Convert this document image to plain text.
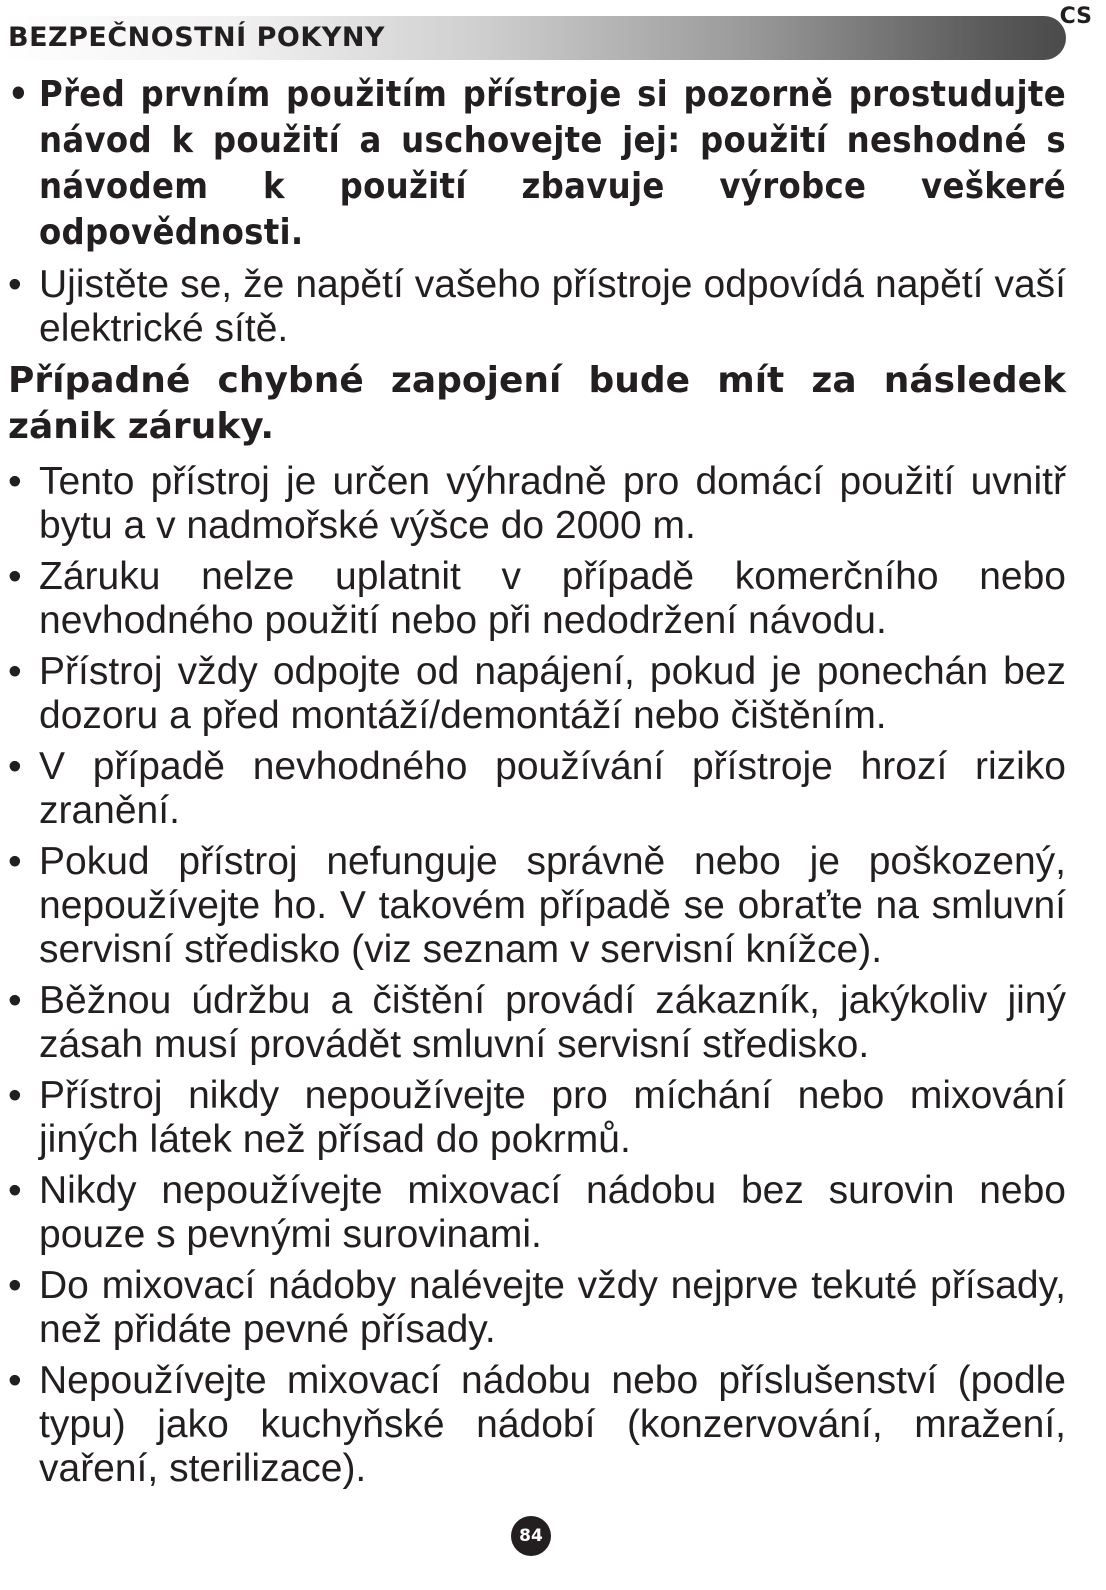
BEZPEČNOSTNÍ POKYNY
CS
• Před prvním použitím přístroje si pozorně prostudujte návod k použití a uschovejte jej: použití neshodné s návodem k použití zbavuje výrobce veškeré odpovědnosti.
• Ujistěte se, že napětí vašeho přístroje odpovídá napětí vaší elektrické sítě.
Případné chybné zapojení bude mít za následek zánik záruky.
• Tento přístroj je určen výhradně pro domácí použití uvnitř bytu a v nadmořské výšce do 2000 m.
• Záruku nelze uplatnit v případě komerčního nebo nevhodného použití nebo při nedodržení návodu.
• Přístroj vždy odpojte od napájení, pokud je ponechán bez dozoru a před montáží/demontáží nebo čištěním.
• V případě nevhodného používání přístroje hrozí riziko zranění.
• Pokud přístroj nefunguje správně nebo je poškozený, nepoužívejte ho. V takovém případě se obraťte na smluvní servisní středisko (viz seznam v servisní knížce).
• Běžnou údržbu a čištění provádí zákazník, jakýkoliv jiný zásah musí provádět smluvní servisní středisko.
• Přístroj nikdy nepoužívejte pro míchání nebo mixování jiných látek než přísad do pokrmů.
• Nikdy nepoužívejte mixovací nádobu bez surovin nebo pouze s pevnými surovinami.
• Do mixovací nádoby nalévejte vždy nejprve tekuté přísady, než přidáte pevné přísady.
• Nepoužívejte mixovací nádobu nebo příslušenství (podle typu) jako kuchyňské nádobí (konzervování, mražení, vaření, sterilizace).
84
